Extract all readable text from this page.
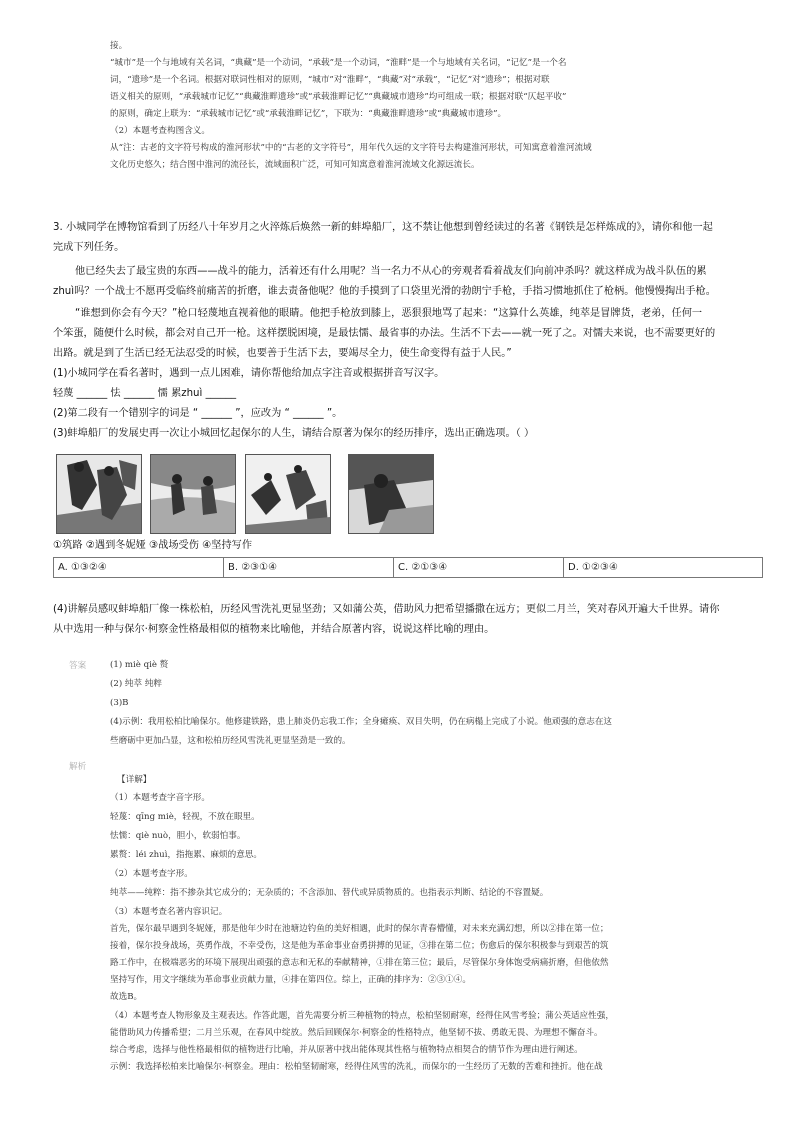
接。
“城市”是一个与地域有关名词，“典藏”是一个动词，“承载”是一个动词，“淮畔”是一个与地域有关名词，“记忆”是一个名
词，“遗珍”是一个名词。根据对联词性相对的原则，“城市”对“淮畔”，“典藏”对“承载”，“记忆”对“遗珍”；根据对联
语义相关的原则，“承载城市记忆”“典藏淮畔遗珍”或“承载淮畔记忆”“典藏城市遗珍”均可组成一联；根据对联“仄起平收”
的原则，确定上联为：“承载城市记忆”或“承载淮畔记忆”，下联为：“典藏淮畔遗珍”或“典藏城市遗珍”。
（2）本题考查构图含义。
从“注：古老的文字符号构成的淮河形状”中的“古老的文字符号”，用年代久远的文字符号去构建淮河形状，可知寓意着淮河流域
文化历史悠久；结合图中淮河的流径长，流域面积广泛，可知可知寓意着淮河流域文化源远流长。
3. 小城同学在博物馆看到了历经八十年岁月之火淬炼后焕然一新的蚌埠船厂，这不禁让他想到曾经读过的名著《钢铁是怎样炼成的》，请你和他一起
完成下列任务。
他已经失去了最宝贵的东西——战斗的能力，活着还有什么用呢？当一名力不从心的旁观者看着战友们向前冲杀吗？就这样成为战斗队伍的累
zhuì吗？一个战士不愿再受临终前痛苦的折磨，谁去责备他呢？他的手摸到了口袋里光滑的勃朗宁手枪，手指习惯地抓住了枪柄。他慢慢掏出手枪。
“谁想到你会有今天？”枪口轻蔑地直视着他的眼睛。他把手枪放到膝上，恶狠狠地骂了起来：“这算什么英雄，纯萃是冒牌货，老弟，任何一
个笨蛋，随便什么时候，都会对自己开一枪。这样摆脱困境，是最怯懦、最省事的办法。生活不下去——就一死了之。对懦夫来说，也不需要更好的
出路。就是到了生活已经无法忍受的时候，也要善于生活下去，要竭尽全力，使生命变得有益于人民。”
(1)小城同学在看名著时，遇到一点儿困难，请你帮他给加点字注音或根据拼音写汉字。
轻蔑 ______ 怯 ______ 懦 累zhuì ______
(2)第二段有一个错别字的词是 “ ______ ”，应改为 “ ______ ”。
(3)蚌埠船厂的发展史再一次让小城回忆起保尔的人生，请结合原著为保尔的经历排序，选出正确选项。（ ）
①筑路 ②遇到冬妮娅 ③战场受伤 ④坚持写作
A. ①③②④	B. ②③①④	C. ②①③④	D. ①②③④
(4)讲解员感叹蚌埠船厂像一株松柏，历经风雪洗礼更显坚劲；又如蒲公英，借助风力把希望播撒在远方；更似二月兰，笑对春风开遍大千世界。请你
从中选用一种与保尔·柯察金性格最相似的植物来比喻他，并结合原著内容，说说这样比喻的理由。
答案	(1) miè qiè 赘
(2) 纯萃 纯粹
(3)B
(4)示例：我用松柏比喻保尔。他修建铁路，患上肺炎仍忘我工作；全身瘫痪、双目失明，仍在病榻上完成了小说。他顽强的意志在这
些磨砺中更加凸显，这和松柏历经风雪洗礼更显坚劲是一致的。
解析
【详解】
（1）本题考查字音字形。
轻蔑：qīng miè，轻视，不放在眼里。
怯懦：qiè nuò，胆小，软弱怕事。
累赘：léi zhuì，指拖累、麻烦的意思。
（2）本题考查字形。
纯萃——纯粹：指不掺杂其它成分的；无杂质的；不含添加、替代或异质物质的。也指表示判断、结论的不容置疑。
（3）本题考查名著内容识记。
首先，保尔最早遇到冬妮娅，那是他年少时在池塘边钓鱼的美好相遇，此时的保尔青春懵懂，对未来充满幻想，所以②排在第一位；
接着，保尔投身战场，英勇作战，不幸受伤，这是他为革命事业奋勇拼搏的见证，③排在第二位；伤愈后的保尔积极参与到艰苦的筑
路工作中，在极端恶劣的环境下展现出顽强的意志和无私的奉献精神，①排在第三位；最后，尽管保尔身体饱受病痛折磨，但他依然
坚持写作，用文字继续为革命事业贡献力量，④排在第四位。综上，正确的排序为：②③①④。
故选B。
（4）本题考查人物形象及主观表达。作答此题，首先需要分析三种植物的特点，松柏坚韧耐寒，经得住风雪考验；蒲公英适应性强，
能借助风力传播希望；二月兰乐观，在春风中绽放。然后回顾保尔·柯察金的性格特点，他坚韧不拔、勇敢无畏、为理想不懈奋斗。
综合考虑，选择与他性格最相似的植物进行比喻，并从原著中找出能体现其性格与植物特点相契合的情节作为理由进行阐述。
示例：我选择松柏来比喻保尔·柯察金。理由：松柏坚韧耐寒，经得住风雪的洗礼，而保尔的一生经历了无数的苦难和挫折。他在战
